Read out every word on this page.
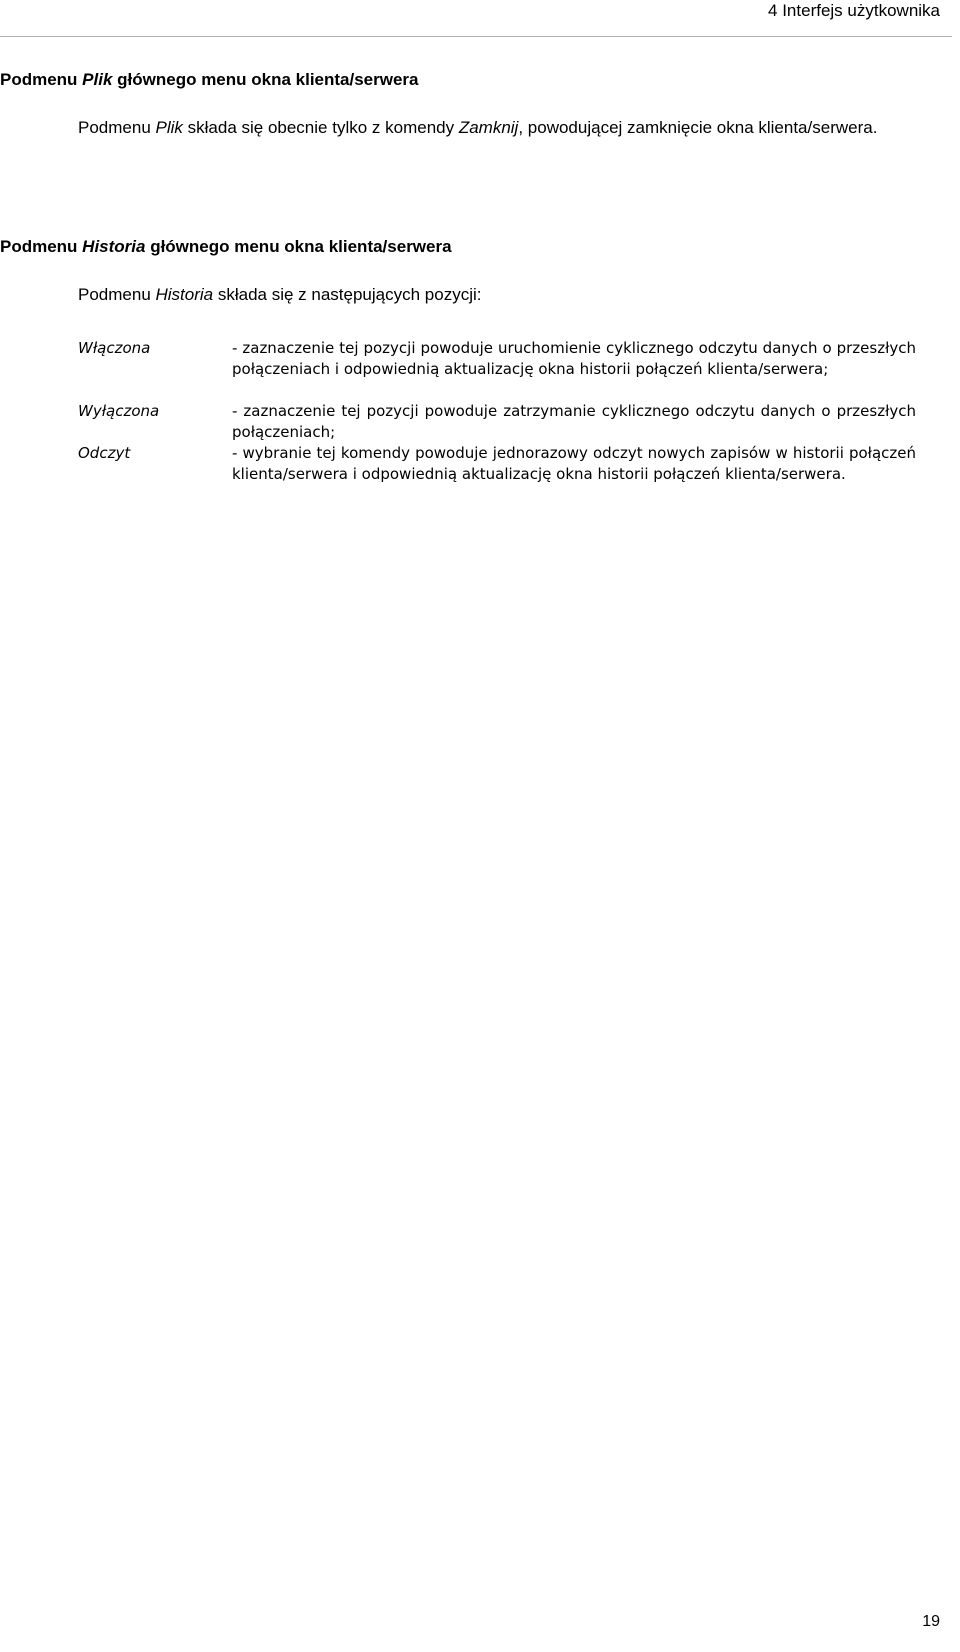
4 Interfejs użytkownika
Podmenu Plik głównego menu okna klienta/serwera
Podmenu Plik składa się obecnie tylko z komendy Zamknij, powodującej zamknięcie okna klienta/serwera.
Podmenu Historia głównego menu okna klienta/serwera
Podmenu Historia składa się z następujących pozycji:
Włączona	- zaznaczenie tej pozycji powoduje uruchomienie cyklicznego odczytu danych o przeszłych połączeniach i odpowiednią aktualizację okna historii połączeń klienta/serwera;
Wyłączona	- zaznaczenie tej pozycji powoduje zatrzymanie cyklicznego odczytu danych o przeszłych połączeniach;
Odczyt	- wybranie tej komendy powoduje jednorazowy odczyt nowych zapisów w historii połączeń klienta/serwera i odpowiednią aktualizację okna historii połączeń klienta/serwera.
19
